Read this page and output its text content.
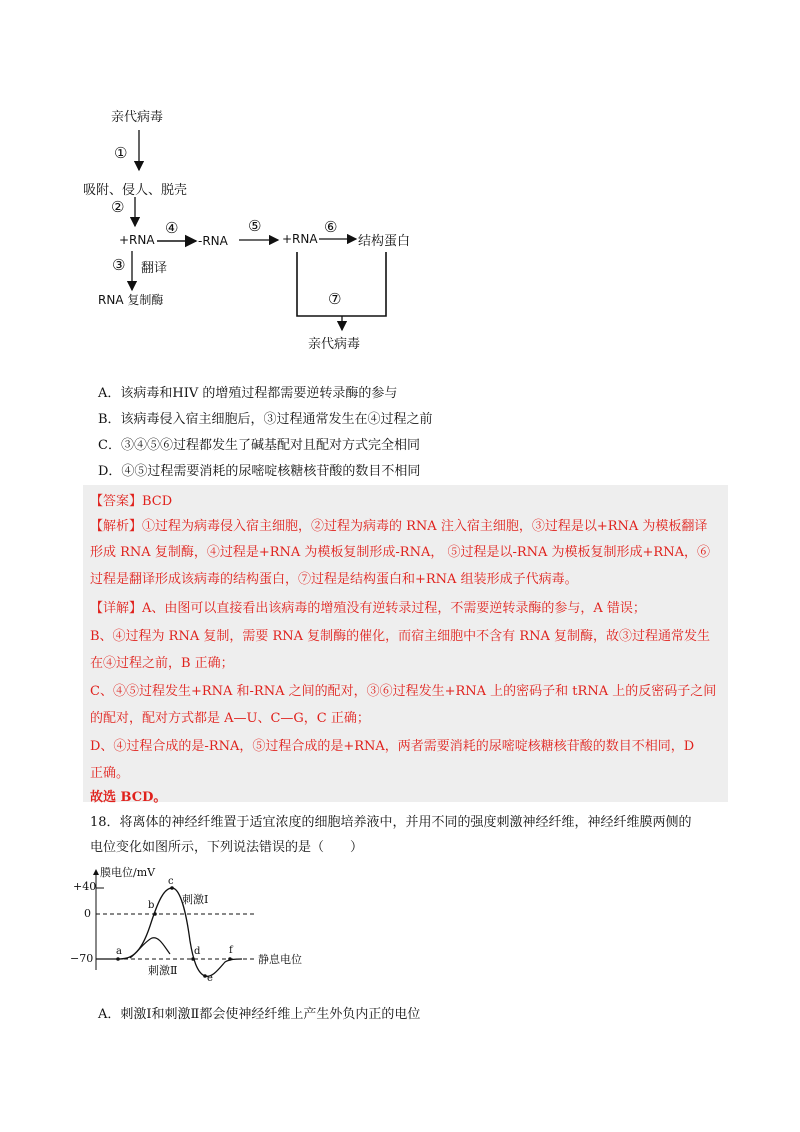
亲代病毒
①
吸附、侵人、脱壳
②
+RNA
④
-RNA
⑤
+RNA
⑥
结构蛋白
③ 翻译
RNA 复制酶	⑦
亲代病毒
A．该病毒和HIV 的增殖过程都需要逆转录酶的参与
B．该病毒侵入宿主细胞后，③过程通常发生在④过程之前
C．③④⑤⑥过程都发生了碱基配对且配对方式完全相同
D．④⑤过程需要消耗的尿嘧啶核糖核苷酸的数目不相同
【答案】BCD
【解析】①过程为病毒侵入宿主细胞，②过程为病毒的 RNA 注入宿主细胞，③过程是以+RNA 为模板翻译
形成 RNA 复制酶，④过程是+RNA 为模板复制形成-RNA， ⑤过程是以-RNA 为模板复制形成+RNA，⑥
过程是翻译形成该病毒的结构蛋白，⑦过程是结构蛋白和+RNA 组装形成子代病毒。
【详解】A、由图可以直接看出该病毒的增殖没有逆转录过程，不需要逆转录酶的参与，A 错误；
B、④过程为 RNA 复制，需要 RNA 复制酶的催化，而宿主细胞中不含有 RNA 复制酶，故③过程通常发生
在④过程之前，B 正确；
C、④⑤过程发生+RNA 和-RNA 之间的配对，③⑥过程发生+RNA 上的密码子和 tRNA 上的反密码子之间
的配对，配对方式都是 A—U、C—G，C 正确；
D、④过程合成的是-RNA，⑤过程合成的是+RNA，两者需要消耗的尿嘧啶核糖核苷酸的数目不相同，D
正确。
故选 BCD。
18．将离体的神经纤维置于适宜浓度的细胞培养液中，并用不同的强度刺激神经纤维，神经纤维膜两侧的
电位变化如图所示，下列说法错误的是（　　）
膜电位/mV
+40
0
−70
a
b
c
d
e
f
刺激Ⅰ
刺激Ⅱ
静息电位
A．刺激Ⅰ和刺激Ⅱ都会使神经纤维上产生外负内正的电位
